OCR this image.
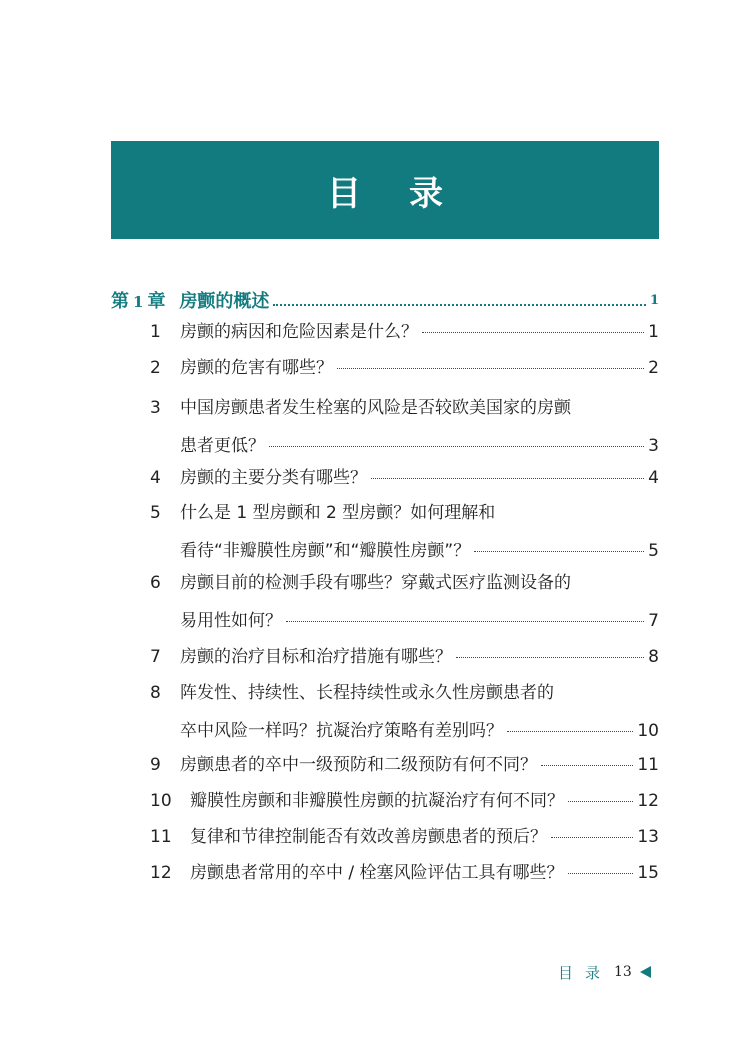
目录
第 1 章 房颤的概述	1
1	房颤的病因和危险因素是什么？	1
2	房颤的危害有哪些？	2
3	中国房颤患者发生栓塞的风险是否较欧美国家的房颤
患者更低？	3
4	房颤的主要分类有哪些？	4
5	什么是 1 型房颤和 2 型房颤？如何理解和
看待“非瓣膜性房颤”和“瓣膜性房颤”？	5
6	房颤目前的检测手段有哪些？穿戴式医疗监测设备的
易用性如何？	7
7	房颤的治疗目标和治疗措施有哪些？	8
8	阵发性、持续性、长程持续性或永久性房颤患者的
卒中风险一样吗？抗凝治疗策略有差别吗？	10
9	房颤患者的卒中一级预防和二级预防有何不同？	11
10	瓣膜性房颤和非瓣膜性房颤的抗凝治疗有何不同？	12
11	复律和节律控制能否有效改善房颤患者的预后？	13
12	房颤患者常用的卒中 / 栓塞风险评估工具有哪些？	15
目录 13
